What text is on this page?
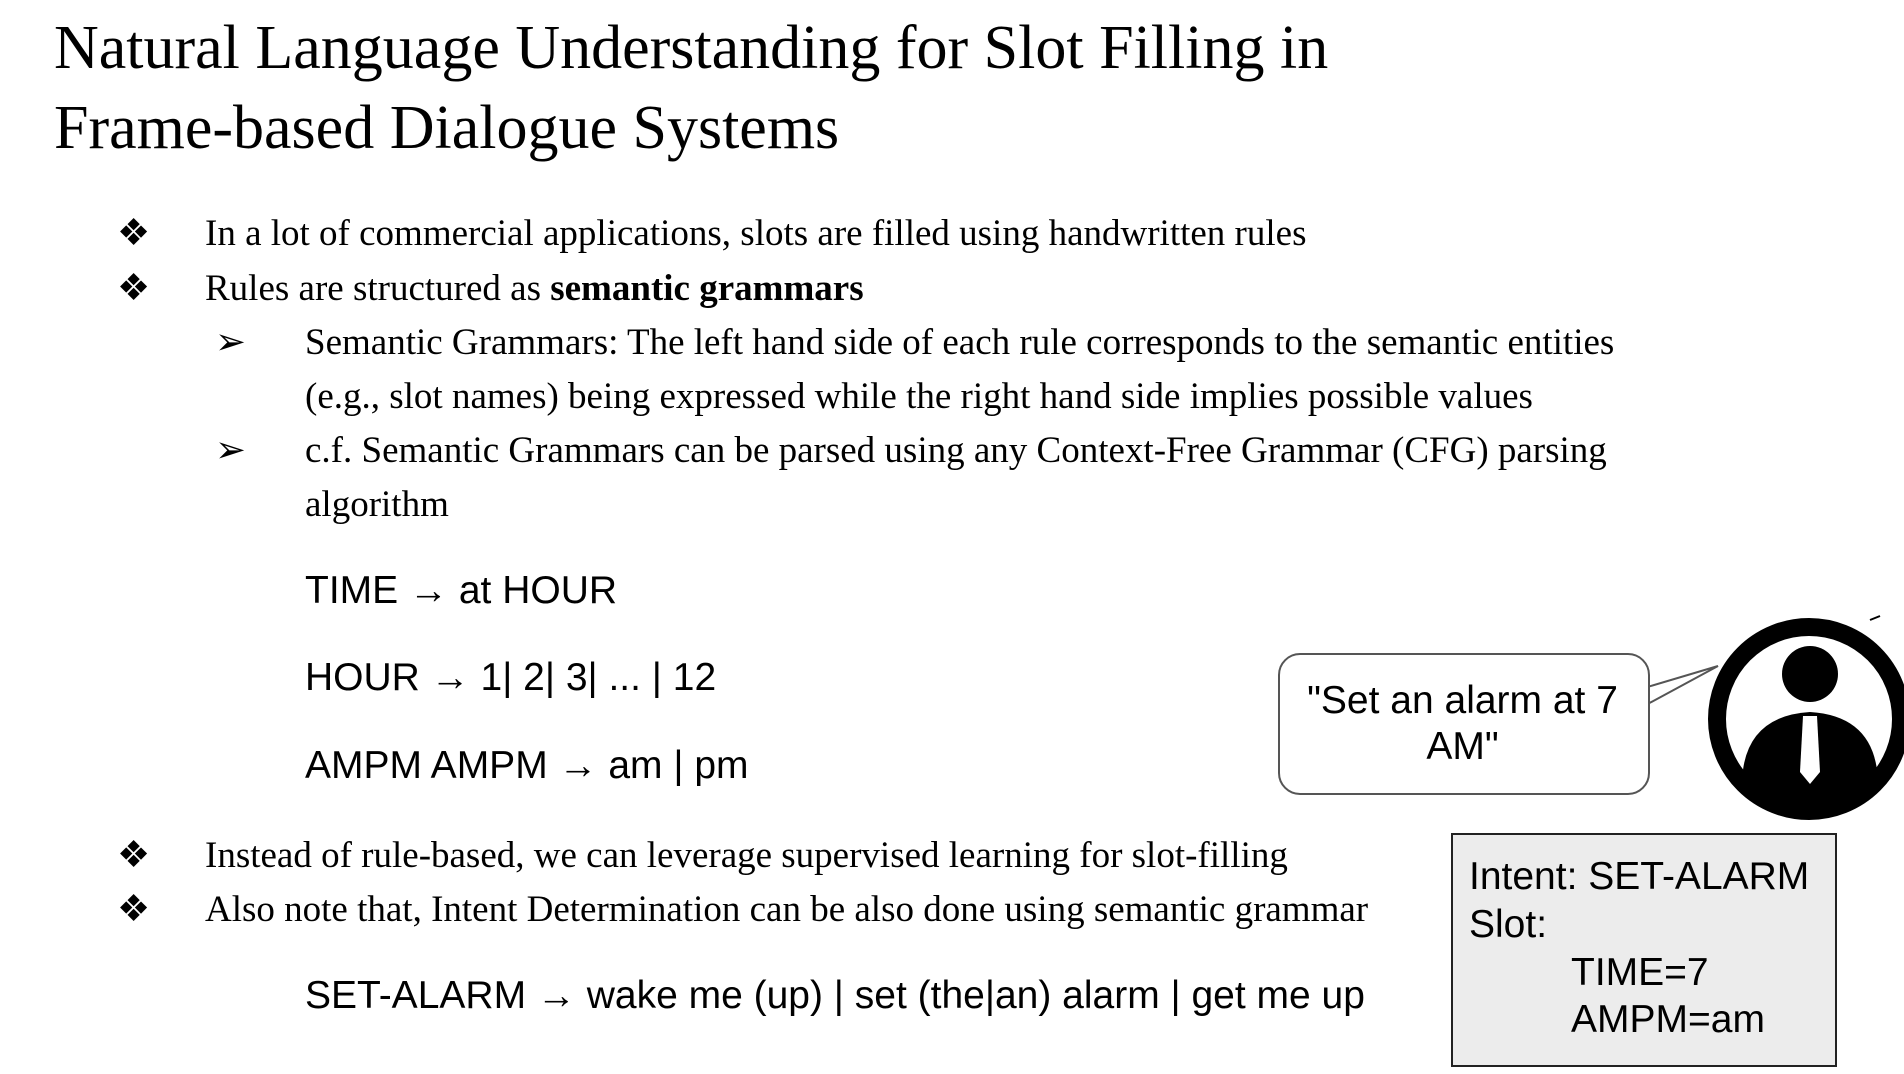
Natural Language Understanding for Slot Filling in
Frame-based Dialogue Systems
❖ In a lot of commercial applications, slots are filled using handwritten rules
❖ Rules are structured as semantic grammars
➢ Semantic Grammars: The left hand side of each rule corresponds to the semantic entities
(e.g., slot names) being expressed while the right hand side implies possible values
➢ c.f. Semantic Grammars can be parsed using any Context-Free Grammar (CFG) parsing
algorithm
TIME → at HOUR
HOUR → 1| 2| 3| ... | 12
AMPM AMPM → am | pm
❖ Instead of rule-based, we can leverage supervised learning for slot-filling
❖ Also note that, Intent Determination can be also done using semantic grammar
SET-ALARM → wake me (up) | set (the|an) alarm | get me up
"Set an alarm at 7
AM"
Intent: SET-ALARM
Slot:
TIME=7
AMPM=am
